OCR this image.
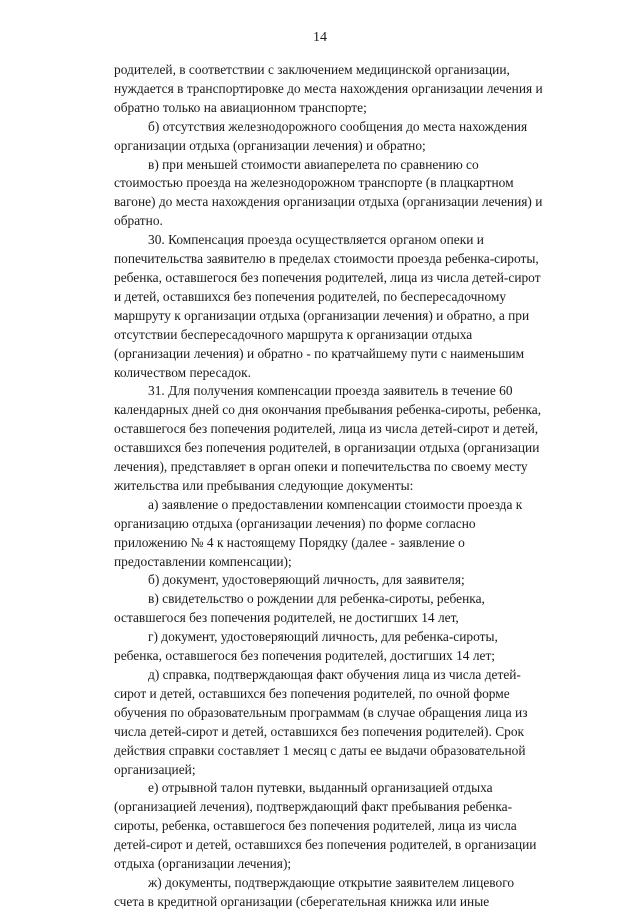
14
родителей, в соответствии с заключением медицинской организации,
нуждается в транспортировке до места нахождения организации лечения и
обратно только на авиационном транспорте;
б) отсутствия железнодорожного сообщения до места нахождения
организации отдыха (организации лечения) и обратно;
в) при меньшей стоимости авиаперелета по сравнению со
стоимостью проезда на железнодорожном транспорте (в плацкартном
вагоне) до места нахождения организации отдыха (организации лечения) и
обратно.
30. Компенсация проезда осуществляется органом опеки и
попечительства заявителю в пределах стоимости проезда ребенка-сироты,
ребенка, оставшегося без попечения родителей, лица из числа детей-сирот
и детей, оставшихся без попечения родителей, по беспересадочному
маршруту к организации отдыха (организации лечения) и обратно, а при
отсутствии беспересадочного маршрута к организации отдыха
(организации лечения) и обратно - по кратчайшему пути с наименьшим
количеством пересадок.
31. Для получения компенсации проезда заявитель в течение 60
календарных дней со дня окончания пребывания ребенка-сироты, ребенка,
оставшегося без попечения родителей, лица из числа детей-сирот и детей,
оставшихся без попечения родителей, в организации отдыха (организации
лечения), представляет в орган опеки и попечительства по своему месту
жительства или пребывания следующие документы:
а) заявление о предоставлении компенсации стоимости проезда к
организацию отдыха (организации лечения) по форме согласно
приложению № 4 к настоящему Порядку (далее - заявление о
предоставлении компенсации);
б) документ, удостоверяющий личность, для заявителя;
в) свидетельство о рождении для ребенка-сироты, ребенка,
оставшегося без попечения родителей, не достигших 14 лет,
г) документ, удостоверяющий личность, для ребенка-сироты,
ребенка, оставшегося без попечения родителей, достигших 14 лет;
д) справка, подтверждающая факт обучения лица из числа детей-
сирот и детей, оставшихся без попечения родителей, по очной форме
обучения по образовательным программам (в случае обращения лица из
числа детей-сирот и детей, оставшихся без попечения родителей). Срок
действия справки составляет 1 месяц с даты ее выдачи образовательной
организацией;
е) отрывной талон путевки, выданный организацией отдыха
(организацией лечения), подтверждающий факт пребывания ребенка-
сироты, ребенка, оставшегося без попечения родителей, лица из числа
детей-сирот и детей, оставшихся без попечения родителей, в организации
отдыха (организации лечения);
ж) документы, подтверждающие открытие заявителем лицевого
счета в кредитной организации (сберегательная книжка или иные
